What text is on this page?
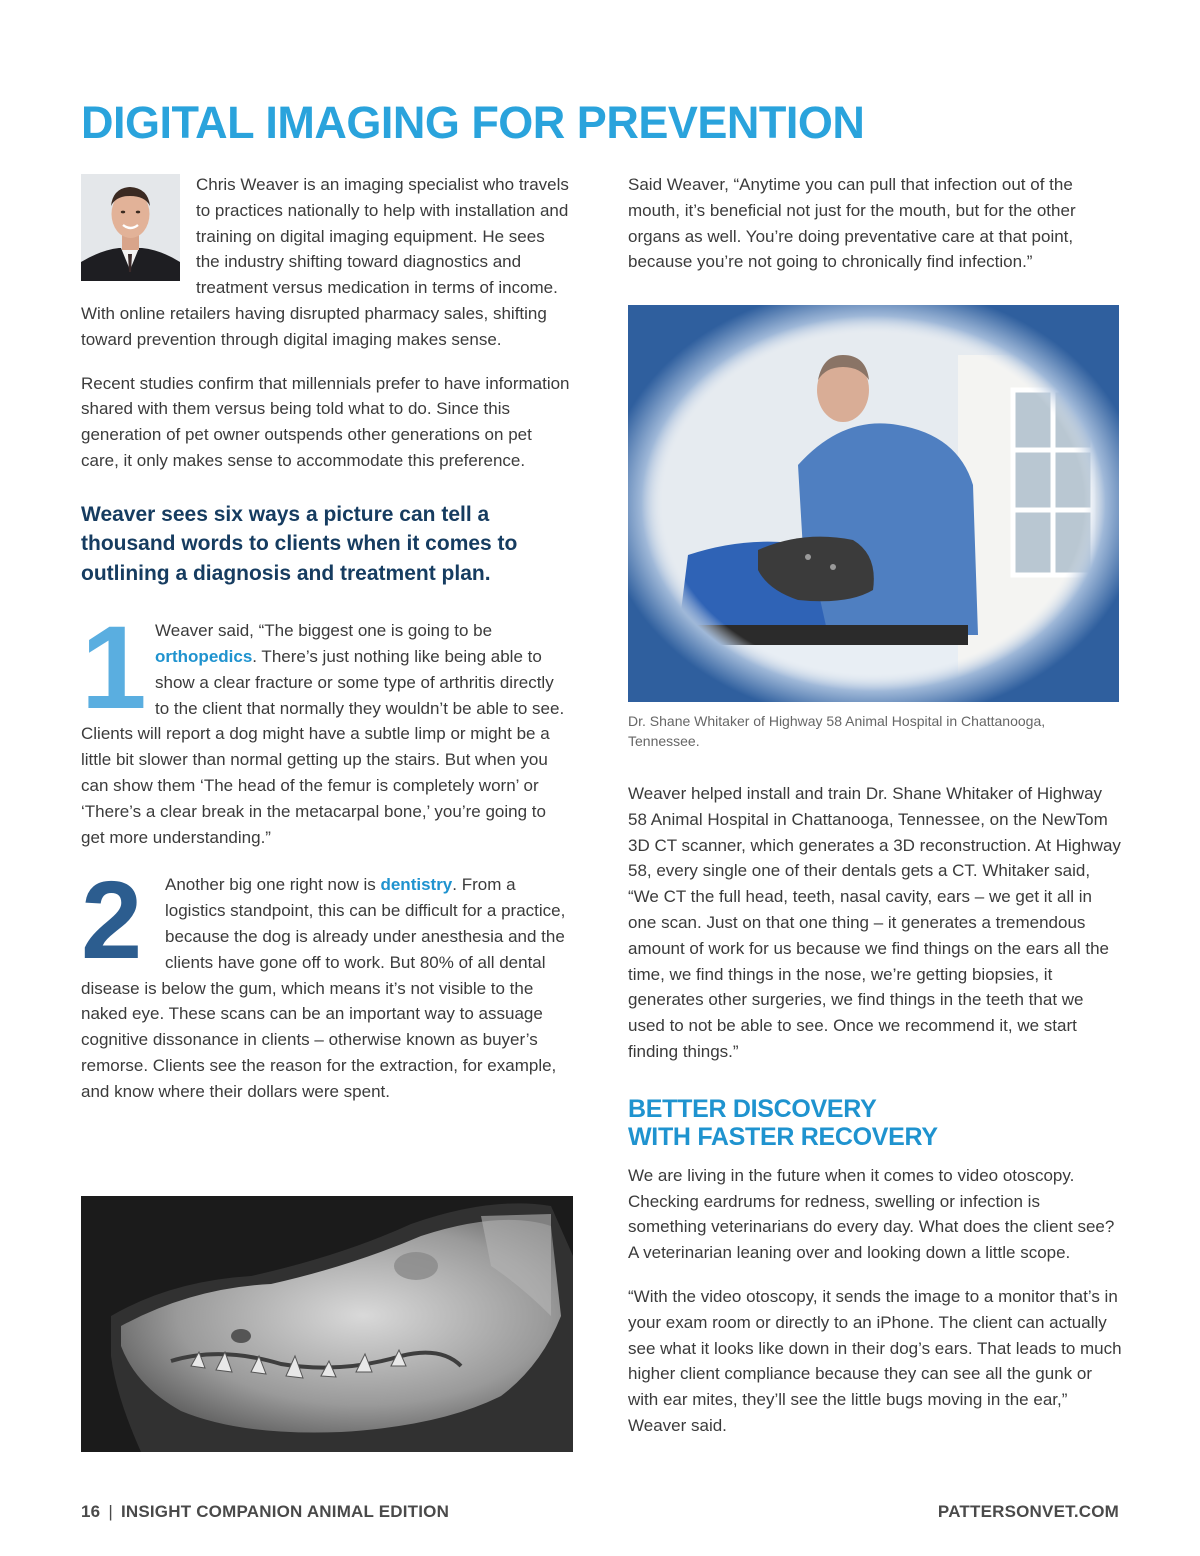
DIGITAL IMAGING FOR PREVENTION

Chris Weaver is an imaging specialist who travels to practices nationally to help with installation and training on digital imaging equipment. He sees the industry shifting toward diagnostics and treatment versus medication in terms of income. With online retailers having disrupted pharmacy sales, shifting toward prevention through digital imaging makes sense.

Recent studies confirm that millennials prefer to have information shared with them versus being told what to do. Since this generation of pet owner outspends other generations on pet care, it only makes sense to accommodate this preference.

Weaver sees six ways a picture can tell a thousand words to clients when it comes to outlining a diagnosis and treatment plan.
1 Weaver said, “The biggest one is going to be orthopedics. There’s just nothing like being able to show a clear fracture or some type of arthritis directly to the client that normally they wouldn’t be able to see. Clients will report a dog might have a subtle limp or might be a little bit slower than normal getting up the stairs. But when you can show them ‘The head of the femur is completely worn’ or ‘There’s a clear break in the metacarpal bone,’ you’re going to get more understanding.”

2	Another big one right now is dentistry. From a logistics standpoint, this can be difficult for a practice, because the dog is already under anesthesia and the clients have gone off to work. But 80% of all dental disease is below the gum, which means it’s not visible to the naked eye. These scans can be an important way to assuage cognitive dissonance in clients – otherwise known as buyer’s remorse. Clients see the reason for the extraction, for example, and know where their dollars were spent.

Said Weaver, “Anytime you can pull that infection out of the mouth, it’s beneficial not just for the mouth, but for the other organs as well. You’re doing preventative care at that point, because you’re not going to chronically find infection.”

Dr. Shane Whitaker of Highway 58 Animal Hospital in Chattanooga, Tennessee.

Weaver helped install and train Dr. Shane Whitaker of Highway 58 Animal Hospital in Chattanooga, Tennessee, on the NewTom 3D CT scanner, which generates a 3D reconstruction. At Highway 58, every single one of their dentals gets a CT. Whitaker said, “We CT the full head, teeth, nasal cavity, ears – we get it all in one scan. Just on that one thing – it generates a tremendous amount of work for us because we find things on the ears all the time, we find things in the nose, we’re getting biopsies, it generates other surgeries, we find things in the teeth that we used to not be able to see. Once we recommend it, we start finding things.”

BETTER DISCOVERY
WITH FASTER RECOVERY

We are living in the future when it comes to video otoscopy. Checking eardrums for redness, swelling or infection is something veterinarians do every day. What does the client see? A veterinarian leaning over and looking down a little scope.

“With the video otoscopy, it sends the image to a monitor that’s in your exam room or directly to an iPhone. The client can actually see what it looks like down in their dog’s ears. That leads to much higher client compliance because they can see all the gunk or with ear mites, they’ll see the little bugs moving in the ear,” Weaver said.

16 | INSIGHT COMPANION ANIMAL EDITION	PATTERSONVET.COM
